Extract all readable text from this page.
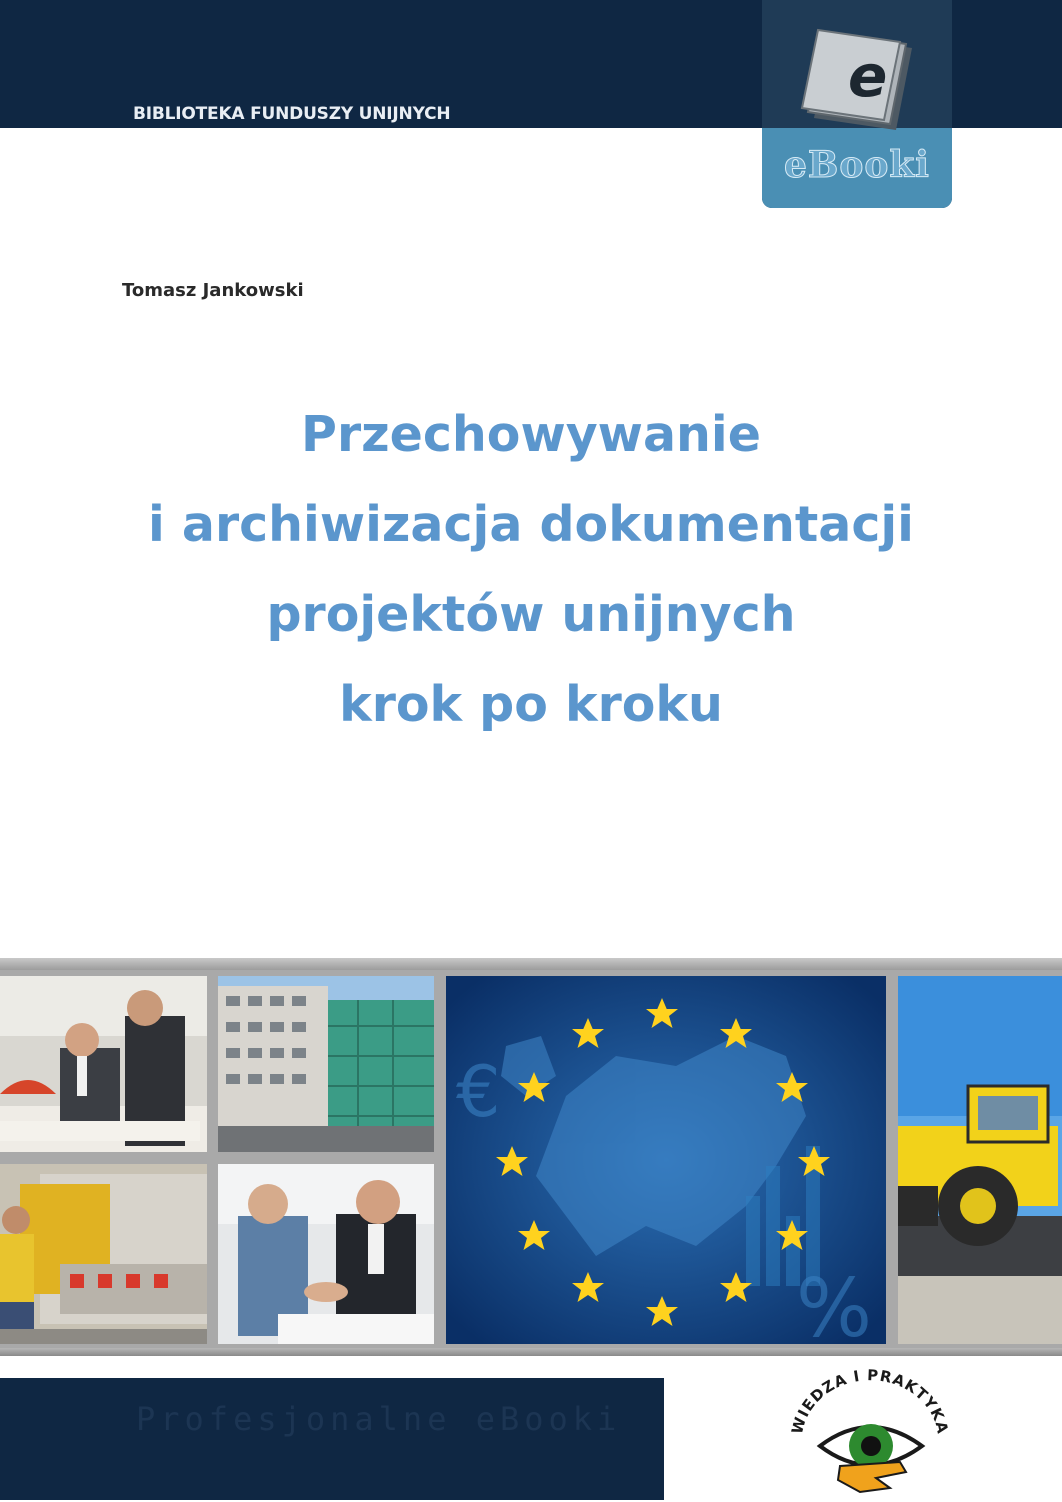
BIBLIOTEKA FUNDUSZY UNIJNYCH
e
eBooki
Tomasz Jankowski
Przechowywanie
i archiwizacja dokumentacji
projektów unijnych
krok po kroku
€
%
Profesjonalne eBooki	WIEDZA I PRAKTYKA
